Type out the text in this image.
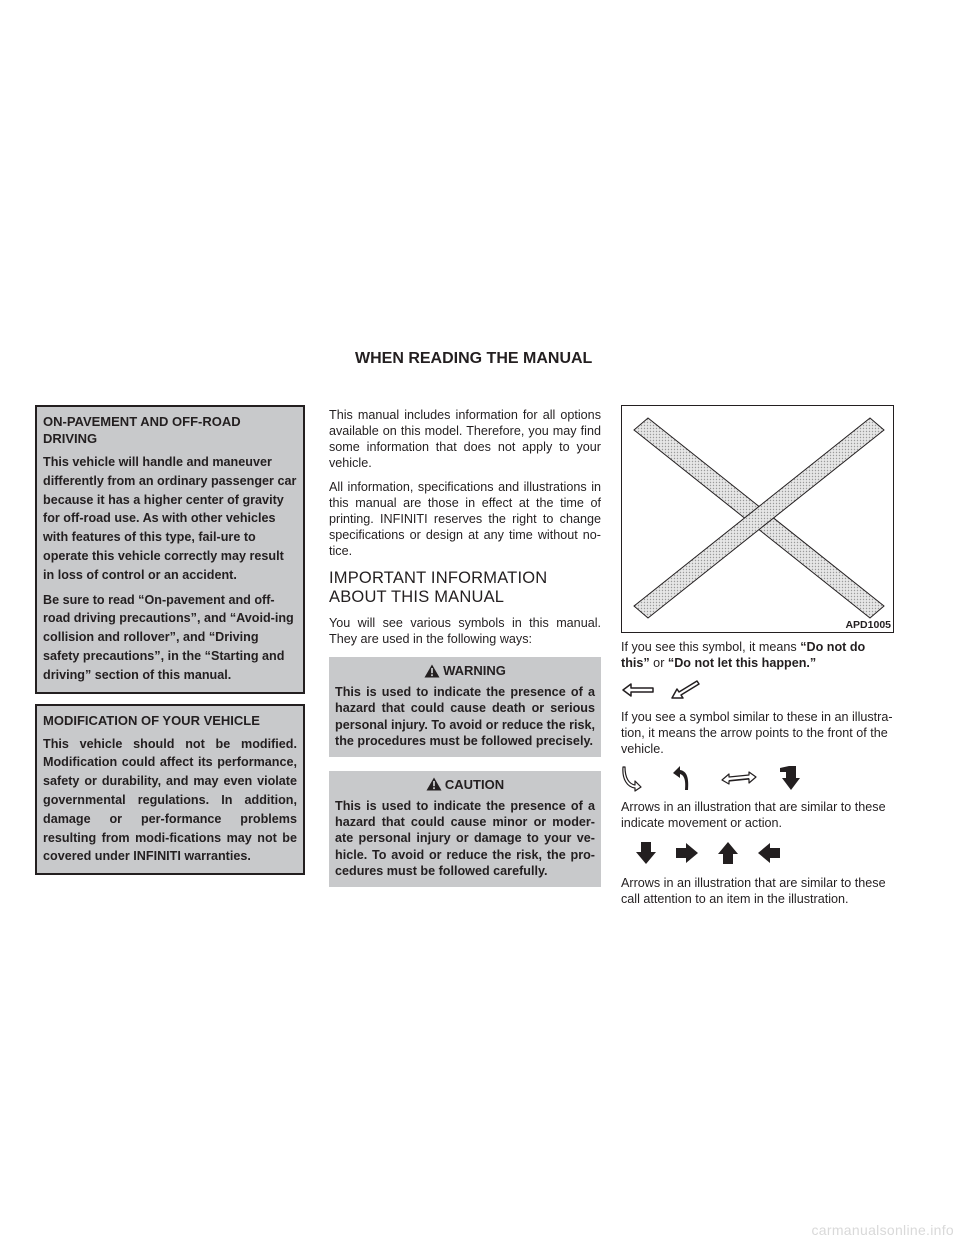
WHEN READING THE MANUAL
ON-PAVEMENT AND OFF-ROAD DRIVING

This vehicle will handle and maneuver differently from an ordinary passenger car because it has a higher center of gravity for off-road use. As with other vehicles with features of this type, fail-ure to operate this vehicle correctly may result in loss of control or an accident.

Be sure to read “On-pavement and off-road driving precautions”, and “Avoid-ing collision and rollover”, and “Driving safety precautions”, in the “Starting and driving” section of this manual.

MODIFICATION OF YOUR VEHICLE

This vehicle should not be modified. Modification could affect its performance, safety or durability, and may even violate governmental regulations. In addition, damage or per-formance problems resulting from modi-fications may not be covered under INFINITI warranties.

This manual includes information for all options available on this model. Therefore, you may find some information that does not apply to your vehicle.

All information, specifications and illustrations in this manual are those in effect at the time of printing. INFINITI reserves the right to change specifications or design at any time without no-tice.

IMPORTANT INFORMATION ABOUT THIS MANUAL

You will see various symbols in this manual. They are used in the following ways:

WARNING

This is used to indicate the presence of a hazard that could cause death or serious personal injury. To avoid or reduce the risk, the procedures must be followed precisely.

CAUTION

This is used to indicate the presence of a hazard that could cause minor or moder-ate personal injury or damage to your ve-hicle. To avoid or reduce the risk, the pro-cedures must be followed carefully.

APD1005

If you see this symbol, it means “Do not do this” or “Do not let this happen.”

If you see a symbol similar to these in an illustra-tion, it means the arrow points to the front of the vehicle.

Arrows in an illustration that are similar to these indicate movement or action.

Arrows in an illustration that are similar to these call attention to an item in the illustration.

carmanualsonline.info
